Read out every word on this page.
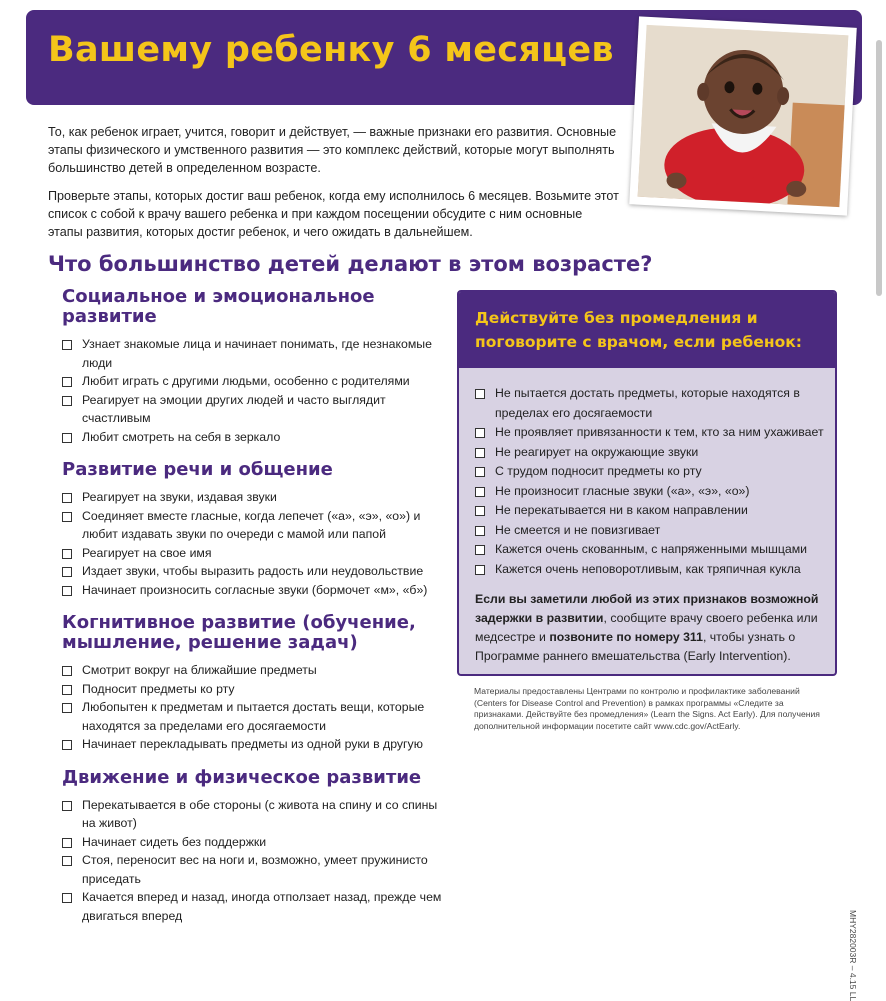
Вашему ребенку 6 месяцев

То, как ребенок играет, учится, говорит и действует, — важные признаки его развития. Основные этапы физического и умственного развития — это комплекс действий, которые могут выполнять большинство детей в определенном возрасте.

Проверьте этапы, которых достиг ваш ребенок, когда ему исполнилось 6 месяцев. Возьмите этот список с собой к врачу вашего ребенка и при каждом посещении обсудите с ним основные этапы развития, которых достиг ребенок, и чего ожидать в дальнейшем.

Что большинство детей делают в этом возрасте?
Социальное и эмоциональное развитие
Узнает знакомые лица и начинает понимать, где незнакомые люди
Любит играть с другими людьми, особенно с родителями
Реагирует на эмоции других людей и часто выглядит счастливым
Любит смотреть на себя в зеркало
Развитие речи и общение
Реагирует на звуки, издавая звуки
Соединяет вместе гласные, когда лепечет («а», «э», «о») и любит издавать звуки по очереди с мамой или папой
Реагирует на свое имя
Издает звуки, чтобы выразить радость или неудовольствие
Начинает произносить согласные звуки (бормочет «м», «б»)
Когнитивное развитие (обучение, мышление, решение задач)
Смотрит вокруг на ближайшие предметы
Подносит предметы ко рту
Любопытен к предметам и пытается достать вещи, которые находятся за пределами его досягаемости
Начинает перекладывать предметы из одной руки в другую
Движение и физическое развитие
Перекатывается в обе стороны (с живота на спину и со спины на живот)
Начинает сидеть без поддержки
Стоя, переносит вес на ноги и, возможно, умеет пружинисто приседать
Качается вперед и назад, иногда отползает назад, прежде чем двигаться вперед
Действуйте без промедления и поговорите с врачом, если ребенок:
Не пытается достать предметы, которые находятся в пределах его досягаемости
Не проявляет привязанности к тем, кто за ним ухаживает
Не реагирует на окружающие звуки
С трудом подносит предметы ко рту
Не произносит гласные звуки («а», «э», «о»)
Не перекатывается ни в каком направлении
Не смеется и не повизгивает
Кажется очень скованным, с напряженными мышцами
Кажется очень неповоротливым, как тряпичная кукла
Если вы заметили любой из этих признаков возможной задержки в развитии, сообщите врачу своего ребенка или медсестре и позвоните по номеру 311, чтобы узнать о Программе раннего вмешательства (Early Intervention).
Материалы предоставлены Центрами по контролю и профилактике заболеваний (Centers for Disease Control and Prevention) в рамках программы «Следите за признаками. Действуйте без промедления» (Learn the Signs. Act Early). Для получения дополнительной информации посетите сайт www.cdc.gov/ActEarly.
MHY282003R – 4.15 LL
